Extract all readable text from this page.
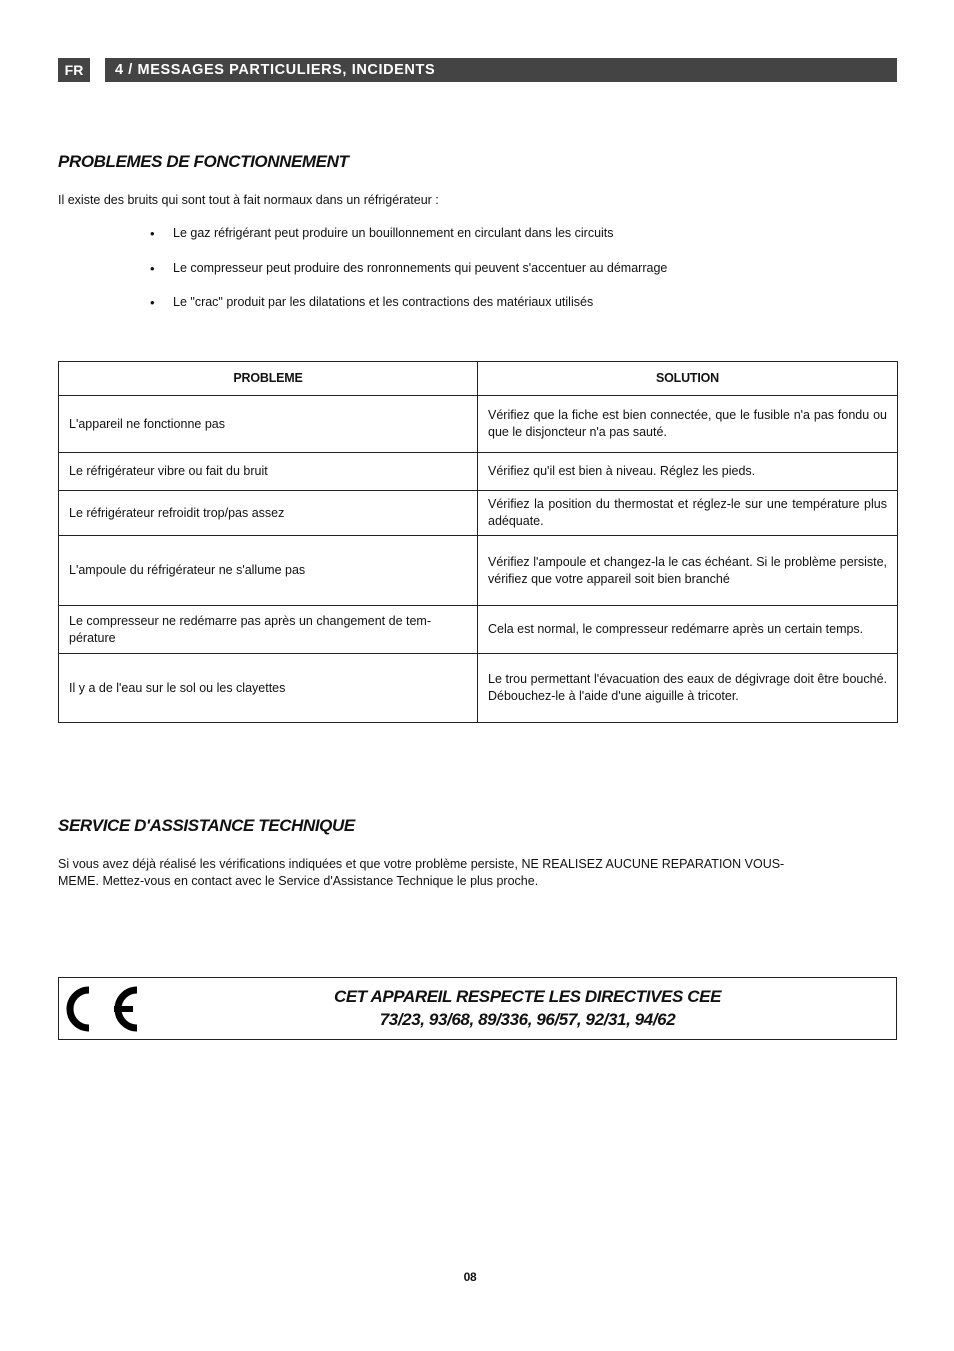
FR	4 / MESSAGES PARTICULIERS, INCIDENTS
PROBLEMES DE FONCTIONNEMENT

Il existe des bruits qui sont tout à fait normaux dans un réfrigérateur :

• Le gaz réfrigérant peut produire un bouillonnement en circulant dans les circuits
• Le compresseur peut produire des ronronnements qui peuvent s'accentuer au démarrage
• Le "crac" produit par les dilatations et les contractions des matériaux utilisés
PROBLEME	SOLUTION
L'appareil ne fonctionne pas	Vérifiez que la fiche est bien connectée, que le fusible n'a pas fondu ou que le disjoncteur n'a pas sauté.
Le réfrigérateur vibre ou fait du bruit	Vérifiez qu'il est bien à niveau. Réglez les pieds.
Le réfrigérateur refroidit trop/pas assez	Vérifiez la position du thermostat et réglez-le sur une température plus adéquate.
L'ampoule du réfrigérateur ne s'allume pas	Vérifiez l'ampoule et changez-la le cas échéant. Si le problème persiste, vérifiez que votre appareil soit bien branché
Le compresseur ne redémarre pas après un changement de tem-pérature	Cela est normal, le compresseur redémarre après un certain temps.
Il y a de l'eau sur le sol ou les clayettes	Le trou permettant l'évacuation des eaux de dégivrage doit être bouché. Débouchez-le à l'aide d'une aiguille à tricoter.
SERVICE D'ASSISTANCE TECHNIQUE

Si vous avez déjà réalisé les vérifications indiquées et que votre problème persiste, NE REALISEZ AUCUNE REPARATION VOUS-

MEME. Mettez-vous en contact avec le Service d'Assistance Technique le plus proche.

CET APPAREIL RESPECTE LES DIRECTIVES CEE
73/23, 93/68, 89/336, 96/57, 92/31, 94/62
08
